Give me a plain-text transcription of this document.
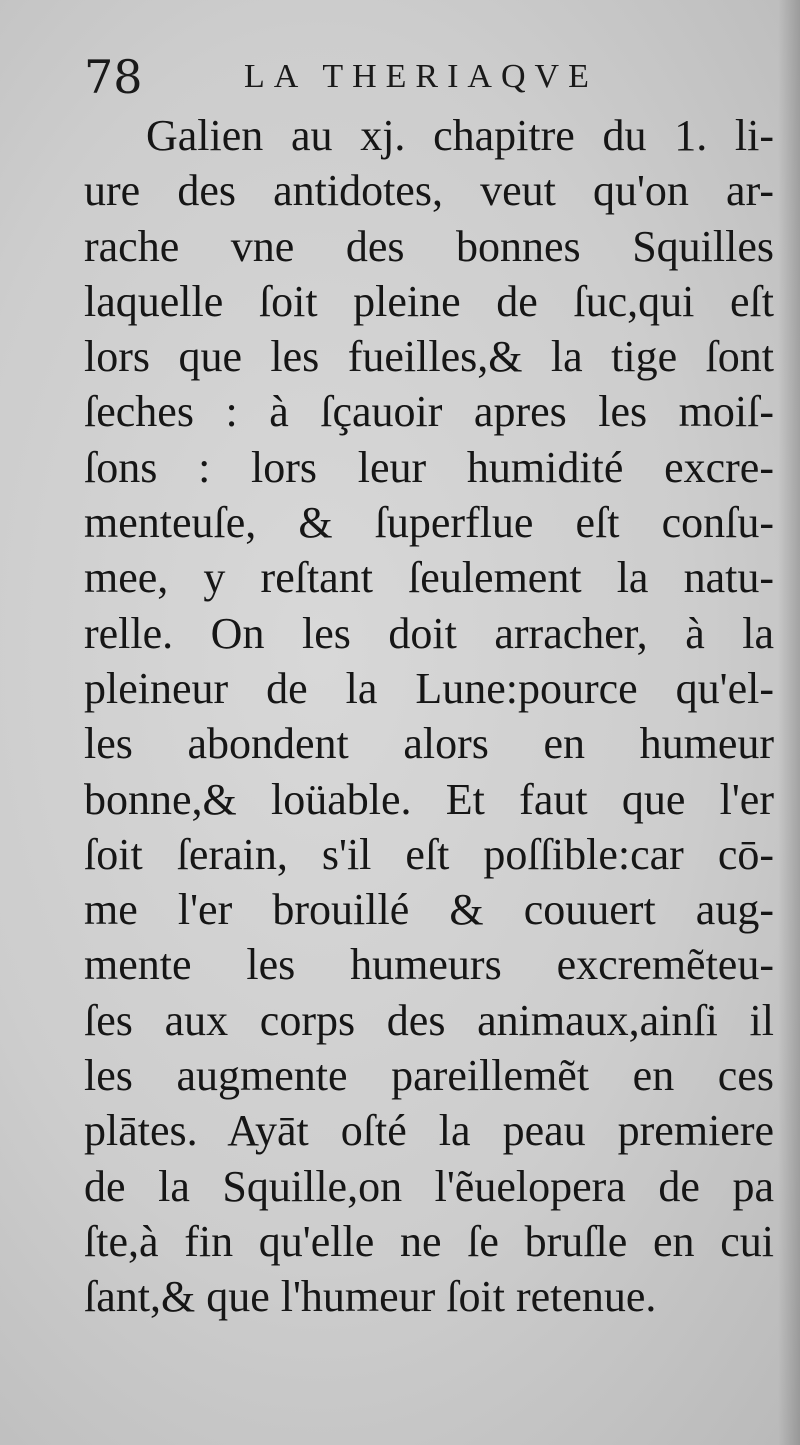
78	LA THERIAQVE
Galien au xj. chapitre du 1. li-
ure des antidotes, veut qu'on ar-
rache vne des bonnes Squilles
laquelle ſoit pleine de ſuc,qui eſt
lors que les fueilles,& la tige ſont
ſeches : à ſçauoir apres les moiſ-
ſons : lors leur humidité excre-
menteuſe, & ſuperflue eſt conſu-
mee, y reſtant ſeulement la natu-
relle. On les doit arracher, à la
pleineur de la Lune:pource qu'el-
les abondent alors en humeur
bonne,& loüable. Et faut que l'er
ſoit ſerain, s'il eſt poſſible:car cō-
me l'er brouillé & couuert aug-
mente les humeurs excremẽteu-
ſes aux corps des animaux,ainſi il
les augmente pareillemẽt en ces
plātes. Ayāt oſté la peau premiere
de la Squille,on l'ẽuelopera de pa
ſte,à fin qu'elle ne ſe bruſle en cui
ſant,& que l'humeur ſoit retenue.
